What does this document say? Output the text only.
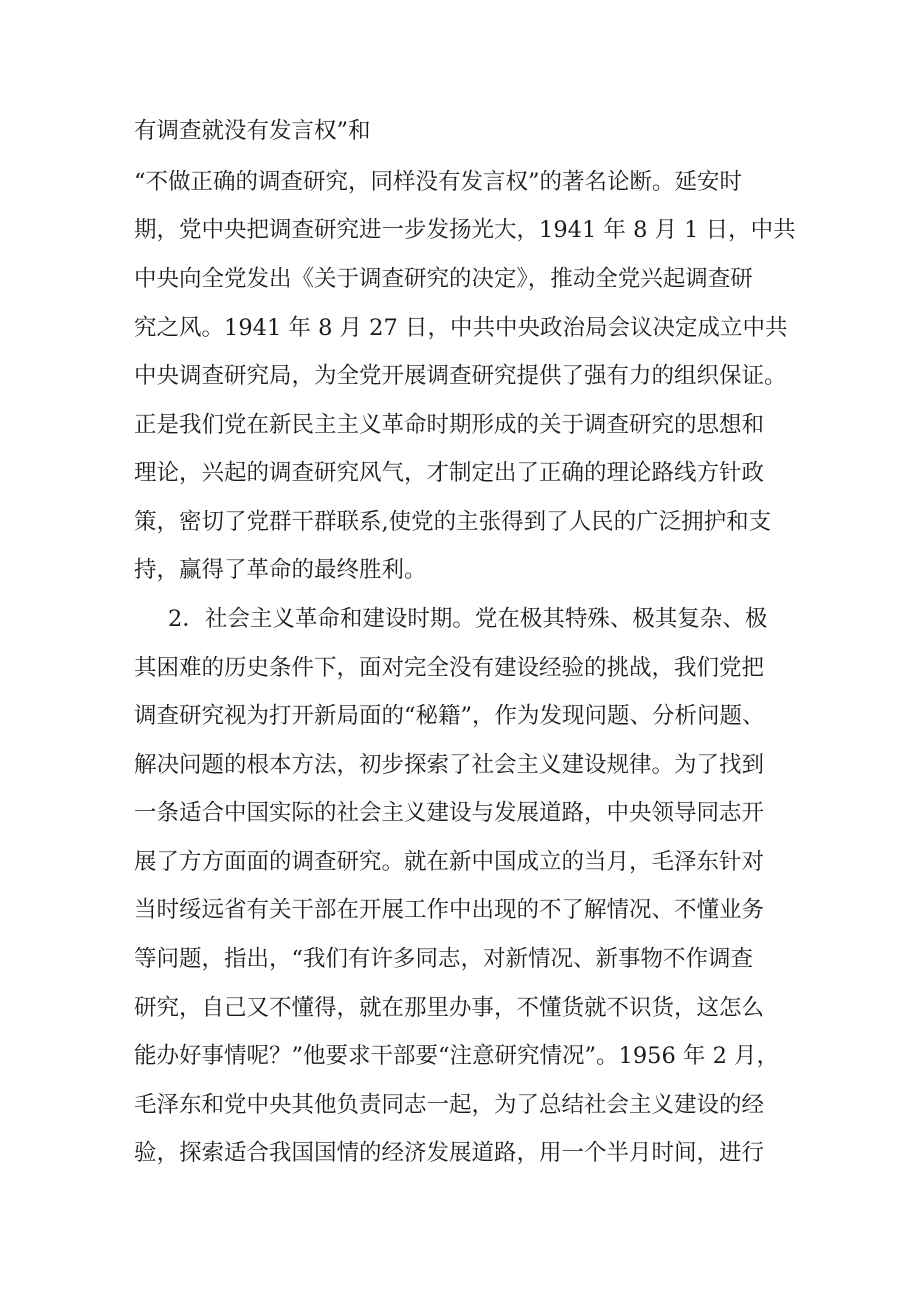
有调查就没有发言权”和
“不做正确的调查研究，同样没有发言权”的著名论断。延安时
期，党中央把调查研究进一步发扬光大，1941 年 8 月 1 日，中共
中央向全党发出《关于调查研究的决定》，推动全党兴起调查研
究之风。1941 年 8 月 27 日，中共中央政治局会议决定成立中共
中央调查研究局，为全党开展调查研究提供了强有力的组织保证。
正是我们党在新民主主义革命时期形成的关于调查研究的思想和
理论，兴起的调查研究风气，才制定出了正确的理论路线方针政
策，密切了党群干群联系,使党的主张得到了人民的广泛拥护和支
持，赢得了革命的最终胜利。
2．社会主义革命和建设时期。党在极其特殊、极其复杂、极
其困难的历史条件下，面对完全没有建设经验的挑战，我们党把
调查研究视为打开新局面的“秘籍”，作为发现问题、分析问题、
解决问题的根本方法，初步探索了社会主义建设规律。为了找到
一条适合中国实际的社会主义建设与发展道路，中央领导同志开
展了方方面面的调查研究。就在新中国成立的当月，毛泽东针对
当时绥远省有关干部在开展工作中出现的不了解情况、不懂业务
等问题，指出，“我们有许多同志，对新情况、新事物不作调查
研究，自己又不懂得，就在那里办事，不懂货就不识货，这怎么
能办好事情呢？”他要求干部要“注意研究情况”。1956 年 2 月，
毛泽东和党中央其他负责同志一起，为了总结社会主义建设的经
验，探索适合我国国情的经济发展道路，用一个半月时间，进行
